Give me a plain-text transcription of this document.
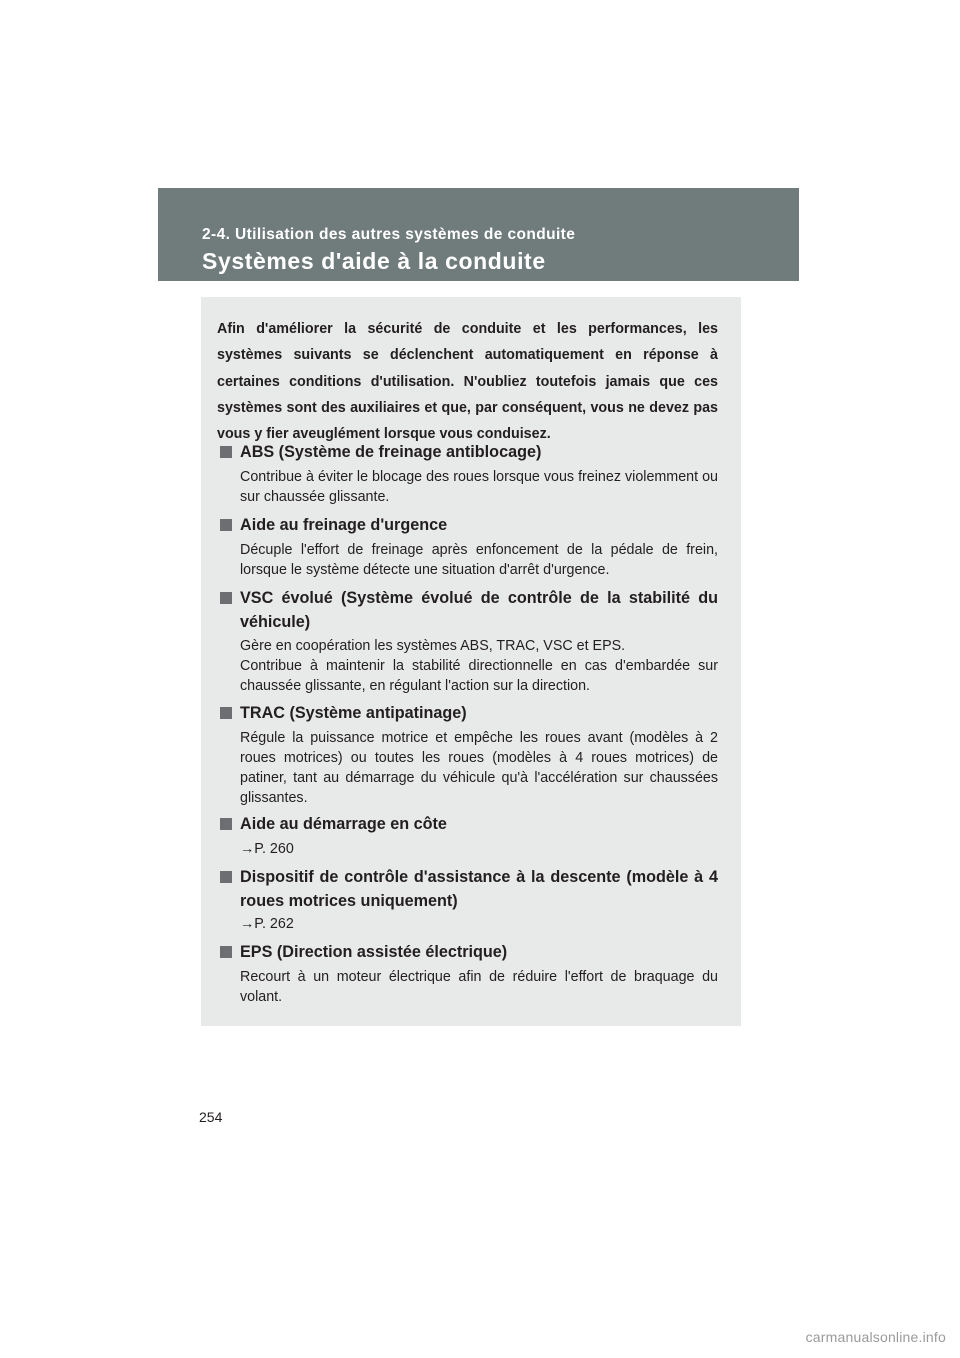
2-4. Utilisation des autres systèmes de conduite
Systèmes d'aide à la conduite

Afin d'améliorer la sécurité de conduite et les performances, les systèmes suivants se déclenchent automatiquement en réponse à certaines conditions d'utilisation. N'oubliez toutefois jamais que ces systèmes sont des auxiliaires et que, par conséquent, vous ne devez pas vous y fier aveuglément lorsque vous conduisez.

ABS (Système de freinage antiblocage)

Contribue à éviter le blocage des roues lorsque vous freinez violemment ou sur chaussée glissante.

Aide au freinage d'urgence

Décuple l'effort de freinage après enfoncement de la pédale de frein, lorsque le système détecte une situation d'arrêt d'urgence.

VSC évolué (Système évolué de contrôle de la stabilité du véhicule)

Gère en coopération les systèmes ABS, TRAC, VSC et EPS.

Contribue à maintenir la stabilité directionnelle en cas d'embardée sur chaussée glissante, en régulant l'action sur la direction.

TRAC (Système antipatinage)

Régule la puissance motrice et empêche les roues avant (modèles à 2 roues motrices) ou toutes les roues (modèles à 4 roues motrices) de patiner, tant au démarrage du véhicule qu'à l'accélération sur chaussées glissantes.

Aide au démarrage en côte

→P. 260

Dispositif de contrôle d'assistance à la descente (modèle à 4 roues motrices uniquement)

→P. 262

EPS (Direction assistée électrique)

Recourt à un moteur électrique afin de réduire l'effort de braquage du volant.

254

carmanualsonline.info
